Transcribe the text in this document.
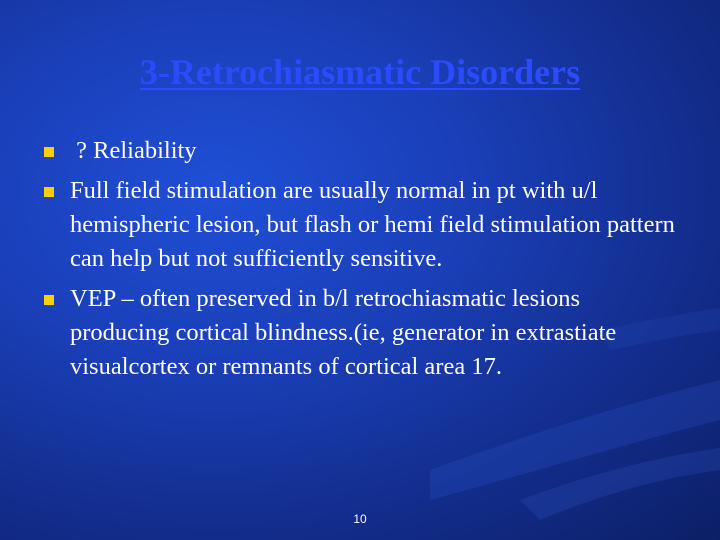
3-Retrochiasmatic Disorders
? Reliability
Full field stimulation are usually normal in pt with u/l hemispheric lesion, but flash or hemi field stimulation pattern can help but not sufficiently sensitive.
VEP – often preserved in b/l retrochiasmatic lesions producing cortical blindness.(ie, generator in extrastiate visualcortex or remnants of cortical area 17.
10
